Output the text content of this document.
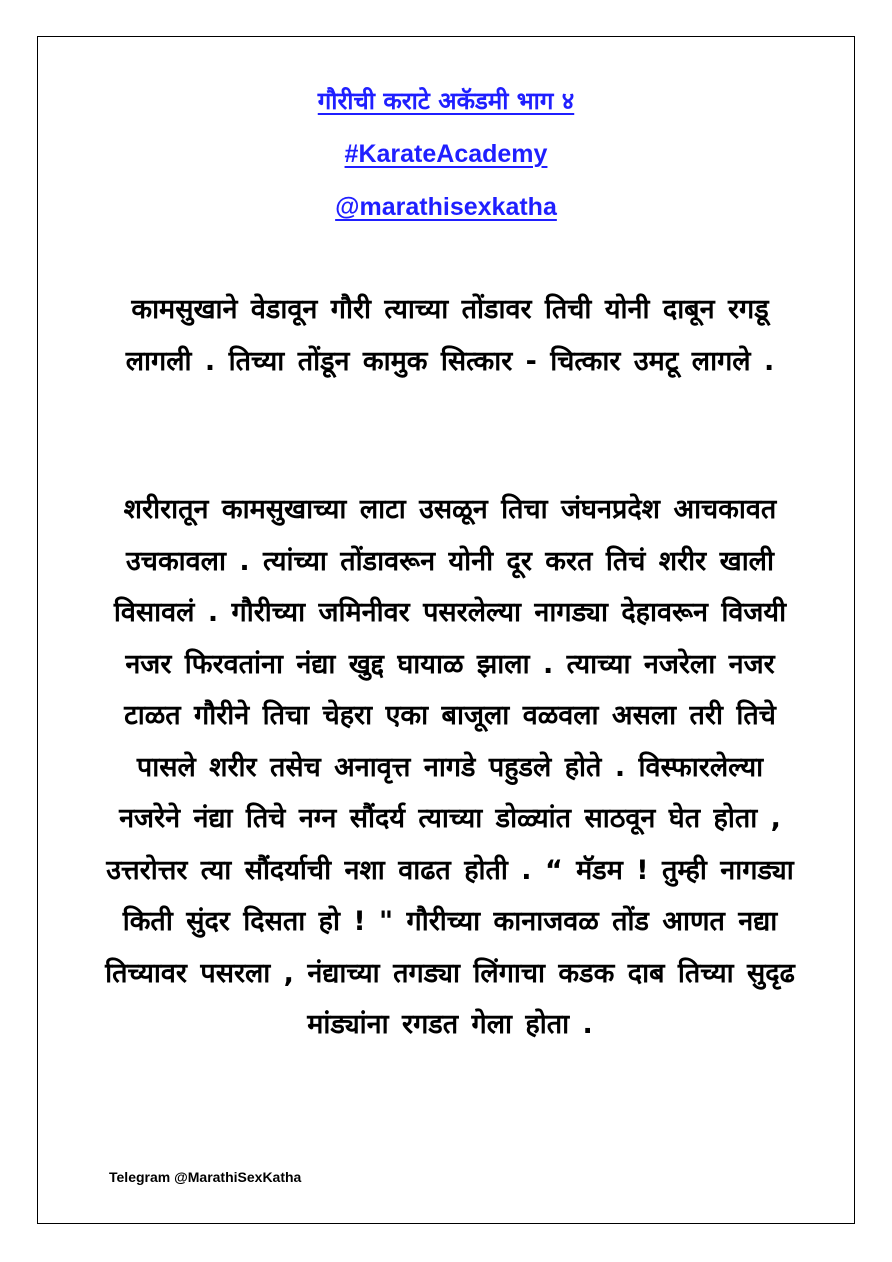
गौरीची कराटे अकॅडमी भाग ४
#KarateAcademy
@marathisexkatha

कामसुखाने वेडावून गौरी त्याच्या तोंडावर तिची योनी दाबून रगडू लागली . तिच्या तोंडून कामुक सित्कार - चित्कार उमटू लागले .

शरीरातून कामसुखाच्या लाटा उसळून तिचा जंघनप्रदेश आचकावत उचकावला . त्यांच्या तोंडावरून योनी दूर करत तिचं शरीर खाली विसावलं . गौरीच्या जमिनीवर पसरलेल्या नागड्या देहावरून विजयी नजर फिरवतांना नंद्या खुद्द घायाळ झाला . त्याच्या नजरेला नजर टाळत गौरीने तिचा चेहरा एका बाजूला वळवला असला तरी तिचे पासले शरीर तसेच अनावृत्त नागडे पहुडले होते . विस्फारलेल्या नजरेने नंद्या तिचे नग्न सौंदर्य त्याच्या डोळ्यांत साठवून घेत होता , उत्तरोत्तर त्या सौंदर्याची नशा वाढत होती . “ मॅडम ! तुम्ही नागड्या किती सुंदर दिसता हो ! " गौरीच्या कानाजवळ तोंड आणत नद्या तिच्यावर पसरला , नंद्याच्या तगड्या लिंगाचा कडक दाब तिच्या सुदृढ मांड्यांना रगडत गेला होता .

Telegram @MarathiSexKatha
